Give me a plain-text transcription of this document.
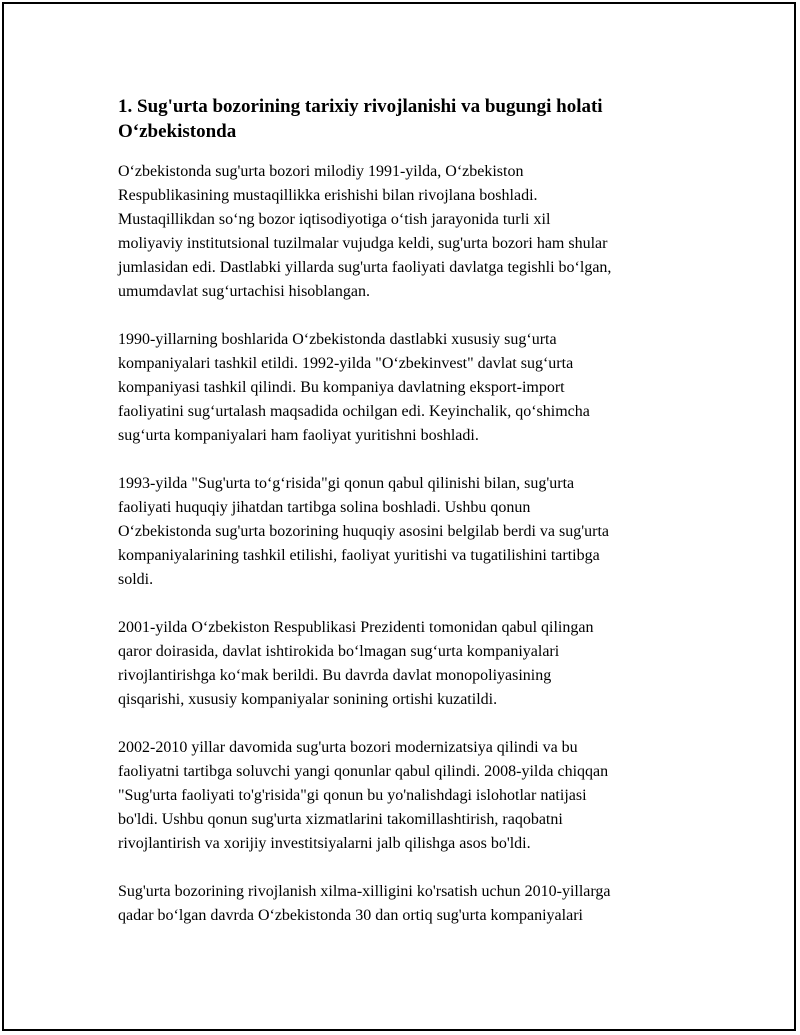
1. Sug'urta bozorining tarixiy rivojlanishi va bugungi holati
O‘zbekistonda

O‘zbekistonda sug'urta bozori milodiy 1991-yilda, O‘zbekiston
Respublikasining mustaqillikka erishishi bilan rivojlana boshladi.
Mustaqillikdan so‘ng bozor iqtisodiyotiga o‘tish jarayonida turli xil
moliyaviy institutsional tuzilmalar vujudga keldi, sug'urta bozori ham shular
jumlasidan edi. Dastlabki yillarda sug'urta faoliyati davlatga tegishli bo‘lgan,
umumdavlat sug‘urtachisi hisoblangan.

1990-yillarning boshlarida O‘zbekistonda dastlabki xususiy sug‘urta
kompaniyalari tashkil etildi. 1992-yilda "O‘zbekinvest" davlat sug‘urta
kompaniyasi tashkil qilindi. Bu kompaniya davlatning eksport-import
faoliyatini sug‘urtalash maqsadida ochilgan edi. Keyinchalik, qo‘shimcha
sug‘urta kompaniyalari ham faoliyat yuritishni boshladi.

1993-yilda "Sug'urta to‘g‘risida"gi qonun qabul qilinishi bilan, sug'urta
faoliyati huquqiy jihatdan tartibga solina boshladi. Ushbu qonun
O‘zbekistonda sug'urta bozorining huquqiy asosini belgilab berdi va sug'urta
kompaniyalarining tashkil etilishi, faoliyat yuritishi va tugatilishini tartibga
soldi.

2001-yilda O‘zbekiston Respublikasi Prezidenti tomonidan qabul qilingan
qaror doirasida, davlat ishtirokida bo‘lmagan sug‘urta kompaniyalari
rivojlantirishga ko‘mak berildi. Bu davrda davlat monopoliyasining
qisqarishi, xususiy kompaniyalar sonining ortishi kuzatildi.

2002-2010 yillar davomida sug'urta bozori modernizatsiya qilindi va bu
faoliyatni tartibga soluvchi yangi qonunlar qabul qilindi. 2008-yilda chiqqan
"Sug'urta faoliyati to'g'risida"gi qonun bu yo'nalishdagi islohotlar natijasi
bo'ldi. Ushbu qonun sug'urta xizmatlarini takomillashtirish, raqobatni
rivojlantirish va xorijiy investitsiyalarni jalb qilishga asos bo'ldi.

Sug'urta bozorining rivojlanish xilma-xilligini ko'rsatish uchun 2010-yillarga
qadar bo‘lgan davrda O‘zbekistonda 30 dan ortiq sug'urta kompaniyalari
